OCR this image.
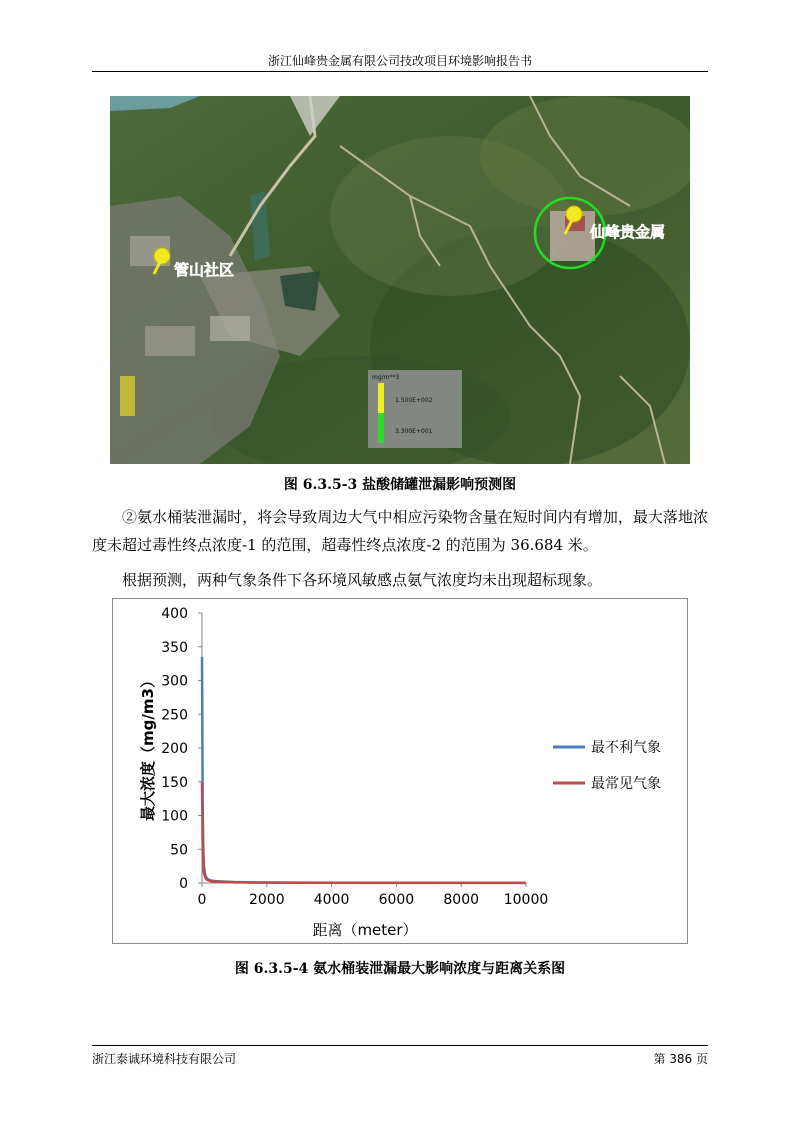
浙江仙峰贵金属有限公司技改项目环境影响报告书
管山社区
仙峰贵金属
mg/m**3
1.500E+002
3.300E+001
图 6.3.5-3 盐酸储罐泄漏影响预测图
②氨水桶装泄漏时，将会导致周边大气中相应污染物含量在短时间内有增加，最大落地浓度未超过毒性终点浓度-1 的范围，超毒性终点浓度-2 的范围为 36.684 米。
根据预测，两种气象条件下各环境风敏感点氨气浓度均未出现超标现象。
0
50
100
150
200
250
300
350
400
0	2000 4000 6000 8000 10000
最大浓度（mg/m3）
距离（meter）
最不利气象
最常见气象
图 6.3.5-4 氨水桶装泄漏最大影响浓度与距离关系图
浙江泰诚环境科技有限公司	第 386 页
